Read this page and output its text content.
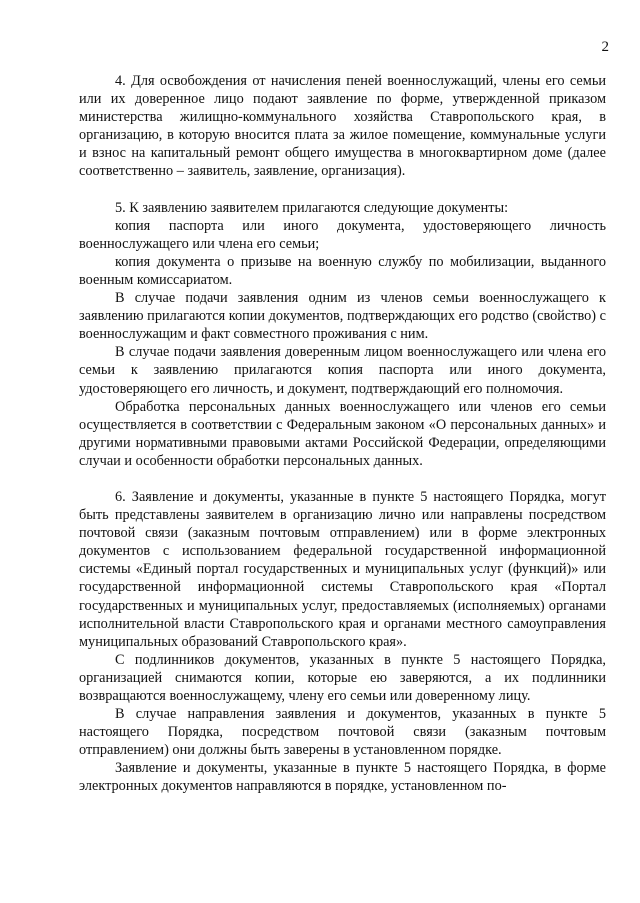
2

4. Для освобождения от начисления пеней военнослужащий, члены его семьи или их доверенное лицо подают заявление по форме, утвержденной приказом министерства жилищно-коммунального хозяйства Ставропольского края, в организацию, в которую вносится плата за жилое помещение, коммунальные услуги и взнос на капитальный ремонт общего имущества в многоквартирном доме (далее соответственно – заявитель, заявление, организация).

5. К заявлению заявителем прилагаются следующие документы:

копия паспорта или иного документа, удостоверяющего личность военнослужащего или члена его семьи;

копия документа о призыве на военную службу по мобилизации, выданного военным комиссариатом.

В случае подачи заявления одним из членов семьи военнослужащего к заявлению прилагаются копии документов, подтверждающих его родство (свойство) с военнослужащим и факт совместного проживания с ним.

В случае подачи заявления доверенным лицом военнослужащего или члена его семьи к заявлению прилагаются копия паспорта или иного документа, удостоверяющего его личность, и документ, подтверждающий его полномочия.

Обработка персональных данных военнослужащего или членов его семьи осуществляется в соответствии с Федеральным законом «О персональных данных» и другими нормативными правовыми актами Российской Федерации, определяющими случаи и особенности обработки персональных данных.

6. Заявление и документы, указанные в пункте 5 настоящего Порядка, могут быть представлены заявителем в организацию лично или направлены посредством почтовой связи (заказным почтовым отправлением) или в форме электронных документов с использованием федеральной государственной информационной системы «Единый портал государственных и муниципальных услуг (функций)» или государственной информационной системы Ставропольского края «Портал государственных и муниципальных услуг, предоставляемых (исполняемых) органами исполнительной власти Ставропольского края и органами местного самоуправления муниципальных образований Ставропольского края».

С подлинников документов, указанных в пункте 5 настоящего Порядка, организацией снимаются копии, которые ею заверяются, а их подлинники возвращаются военнослужащему, члену его семьи или доверенному лицу.

В случае направления заявления и документов, указанных в пункте 5 настоящего Порядка, посредством почтовой связи (заказным почтовым отправлением) они должны быть заверены в установленном порядке.

Заявление и документы, указанные в пункте 5 настоящего Порядка, в форме электронных документов направляются в порядке, установленном по-
